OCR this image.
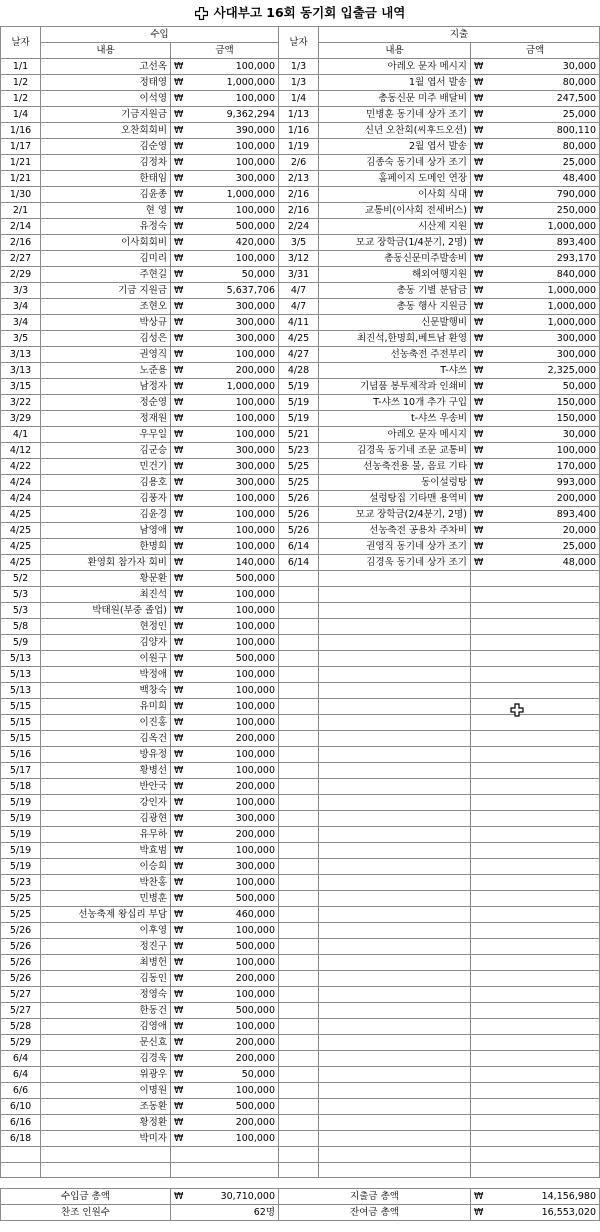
사대부고 16회 동기회 입출금 내역
날자	수입			날자	지출		
	내용	금액			내용	금액	
1/1	고선옥	₩	100,000	1/3	아레오 문자 메시지	₩	30,000
1/2	정태영	₩	1,000,000	1/3	1월 엽서 발송	₩	80,000
1/2	이석영	₩	100,000	1/4	총동신문 미주 배달비	₩	247,500
1/4	기금지원금	₩	9,362,294	1/13	민병훈 동기네 상가 조기	₩	25,000
1/16	오찬회회비	₩	390,000	1/16	신년 오찬회(씨후드오션)	₩	800,110
1/17	김순영	₩	100,000	1/19	2월 엽서 발송	₩	80,000
1/21	김정차	₩	100,000	2/6	김종숙 동기네 상가 조기	₩	25,000
1/21	한태임	₩	300,000	2/13	홈페이지 도메인 연장	₩	48,400
1/30	김윤종	₩	1,000,000	2/16	이사회 식대	₩	790,000
2/1	현 영	₩	100,000	2/16	교통비(이사회 전세버스)	₩	250,000
2/14	유정숙	₩	500,000	2/24	시산제 지원	₩	1,000,000
2/16	이사회회비	₩	420,000	3/5	모교 장학금(1/4분기, 2명)	₩	893,400
2/27	김미리	₩	100,000	3/12	총동신문미주발송비	₩	293,170
2/29	주현길	₩	50,000	3/31	해외여행지원	₩	840,000
3/3	기금 지원금	₩	5,637,706	4/7	총동 기별 분담금	₩	1,000,000
3/4	조현오	₩	300,000	4/7	총동 행사 지원금	₩	1,000,000
3/4	박상규	₩	300,000	4/11	신문발행비	₩	1,000,000
3/5	김성은	₩	300,000	4/25	최진석,한명희,베트남 환영	₩	300,000
3/13	권영직	₩	100,000	4/27	선농축전 주전부리	₩	300,000
3/13	노준용	₩	200,000	4/28	T-샤쓰	₩	2,325,000
3/15	남정자	₩	1,000,000	5/19	기념품 봉투제작과 인쇄비	₩	50,000
3/22	정순영	₩	100,000	5/19	T-샤쓰 10개 추가 구입	₩	150,000
3/29	정재원	₩	100,000	5/19	t-샤쓰 우송비	₩	150,000
4/1	우무일	₩	100,000	5/21	아레오 문자 메시지	₩	30,000
4/12	김군승	₩	300,000	5/23	김경욱 동기네 조문 교통비	₩	100,000
4/22	민건기	₩	300,000	5/25	선농축전용 물, 음료 기타	₩	170,000
4/24	김용호	₩	300,000	5/25	동이설렁탕	₩	993,000
4/24	김풍자	₩	100,000	5/26	설렁탕집 기타맨 용역비	₩	200,000
4/25	김윤경	₩	100,000	5/26	모교 장학금(2/4분기, 2명)	₩	893,400
4/25	남영애	₩	100,000	5/26	선농축전 공용차 주차비	₩	20,000
4/25	한명희	₩	100,000	6/14	권영직 동기네 상가 조기	₩	25,000
4/25	환영회 참가자 회비	₩	140,000	6/14	김경욱 동기네 상가 조기	₩	48,000
5/2	황문환	₩	500,000				
5/3	최진석	₩	100,000				
5/3	박태원(부중 졸업)	₩	100,000				
5/8	현정인	₩	100,000				
5/9	김양자	₩	100,000				
5/13	이원구	₩	500,000				
5/13	박정애	₩	100,000				
5/13	백창숙	₩	100,000				
5/15	유미희	₩	100,000				
5/15	이진홍	₩	100,000				
5/15	김옥건	₩	200,000				
5/16	방유정	₩	100,000				
5/17	황병선	₩	100,000				
5/18	반안국	₩	200,000				
5/19	강인자	₩	100,000				
5/19	김광현	₩	300,000				
5/19	유무하	₩	200,000				
5/19	박효범	₩	100,000				
5/19	이승희	₩	300,000				
5/23	박찬홍	₩	100,000				
5/25	민병훈	₩	500,000				
5/25	선농축제 왕십리 부담	₩	460,000				
5/26	이후영	₩	100,000				
5/26	정진구	₩	500,000				
5/26	최병헌	₩	100,000				
5/26	김동인	₩	200,000				
5/27	정영숙	₩	100,000				
5/27	한동건	₩	500,000				
5/28	김영애	₩	100,000				
5/29	문신효	₩	200,000				
6/4	김경욱	₩	200,000				
6/4	위광우	₩	50,000				
6/6	이명원	₩	100,000				
6/10	조동환	₩	500,000				
6/16	황정환	₩	200,000				
6/18	박미자	₩	100,000				

수입금 총액		₩	30,710,000	지출금 총액		₩	14,156,980
찬조 인원수			62명	잔여금 총액		₩	16,553,020
